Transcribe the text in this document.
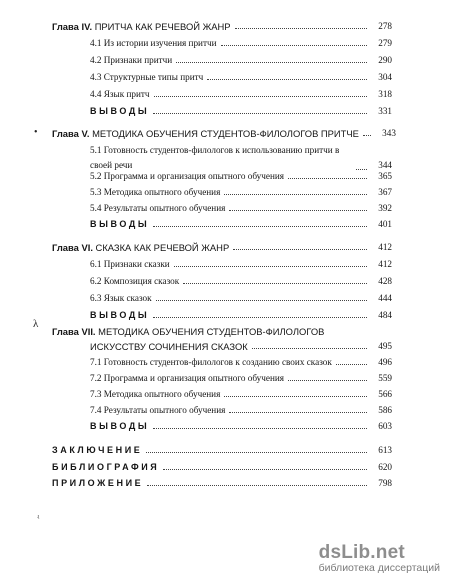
Глава IV. ПРИТЧА КАК РЕЧЕВОЙ ЖАНР	278
4.1 Из истории изучения притчи	279
4.2 Признаки притчи	290
4.3 Структурные типы притч	304
4.4 Язык притч	318
ВЫВОДЫ	331
• Глава V. МЕТОДИКА ОБУЧЕНИЯ СТУДЕНТОВ-ФИЛОЛОГОВ ПРИТЧЕ	343
5.1 Готовность студентов-филологов к использованию притчи в своей речи	344
5.2 Программа и организация опытного обучения	365
5.3 Методика опытного обучения	367
5.4 Результаты опытного обучения	392
ВЫВОДЫ	401
Глава VI. СКАЗКА КАК РЕЧЕВОЙ ЖАНР	412
6.1 Признаки сказки	412
6.2 Композиция сказок	428
6.3 Язык сказок	444
ВЫВОДЫ	484
λ
Глава VII. МЕТОДИКА ОБУЧЕНИЯ СТУДЕНТОВ-ФИЛОЛОГОВ
ИСКУССТВУ СОЧИНЕНИЯ СКАЗОК	495
7.1 Готовность студентов-филологов к созданию своих сказок	496
7.2 Программа и организация опытного обучения	559
7.3 Методика опытного обучения	566
7.4 Результаты опытного обучения	586
ВЫВОДЫ	603
ЗАКЛЮЧЕНИЕ	613
БИБЛИОГРАФИЯ	620
ПРИЛОЖЕНИЕ	798
ʵ
dsLib.net
библиотека диссертаций
